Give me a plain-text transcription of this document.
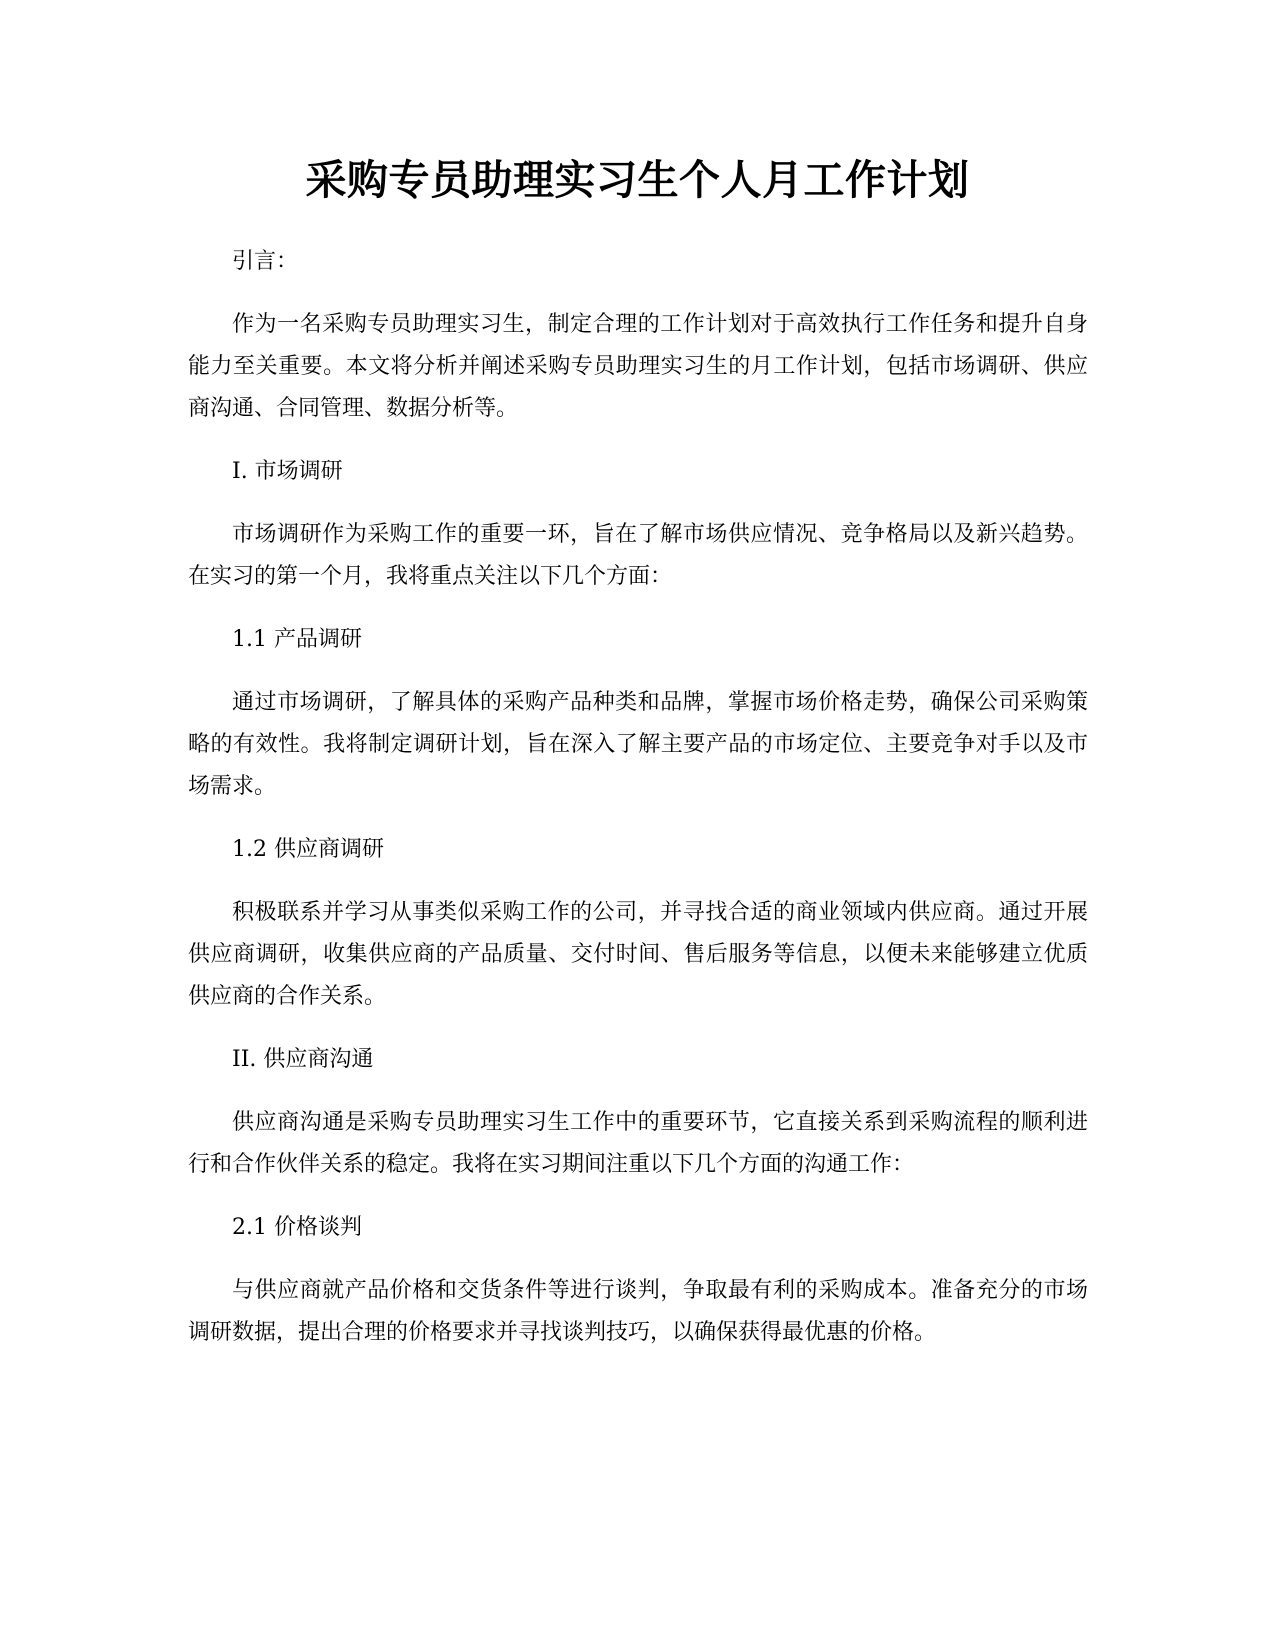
采购专员助理实习生个人月工作计划

引言：

作为一名采购专员助理实习生，制定合理的工作计划对于高效执行工作任务和提升自身能力至关重要。本文将分析并阐述采购专员助理实习生的月工作计划，包括市场调研、供应商沟通、合同管理、数据分析等。

I. 市场调研

市场调研作为采购工作的重要一环，旨在了解市场供应情况、竞争格局以及新兴趋势。在实习的第一个月，我将重点关注以下几个方面：

1.1 产品调研

通过市场调研，了解具体的采购产品种类和品牌，掌握市场价格走势，确保公司采购策略的有效性。我将制定调研计划，旨在深入了解主要产品的市场定位、主要竞争对手以及市场需求。

1.2 供应商调研

积极联系并学习从事类似采购工作的公司，并寻找合适的商业领域内供应商。通过开展供应商调研，收集供应商的产品质量、交付时间、售后服务等信息，以便未来能够建立优质供应商的合作关系。

II. 供应商沟通

供应商沟通是采购专员助理实习生工作中的重要环节，它直接关系到采购流程的顺利进行和合作伙伴关系的稳定。我将在实习期间注重以下几个方面的沟通工作：

2.1 价格谈判

与供应商就产品价格和交货条件等进行谈判，争取最有利的采购成本。准备充分的市场调研数据，提出合理的价格要求并寻找谈判技巧，以确保获得最优惠的价格。
